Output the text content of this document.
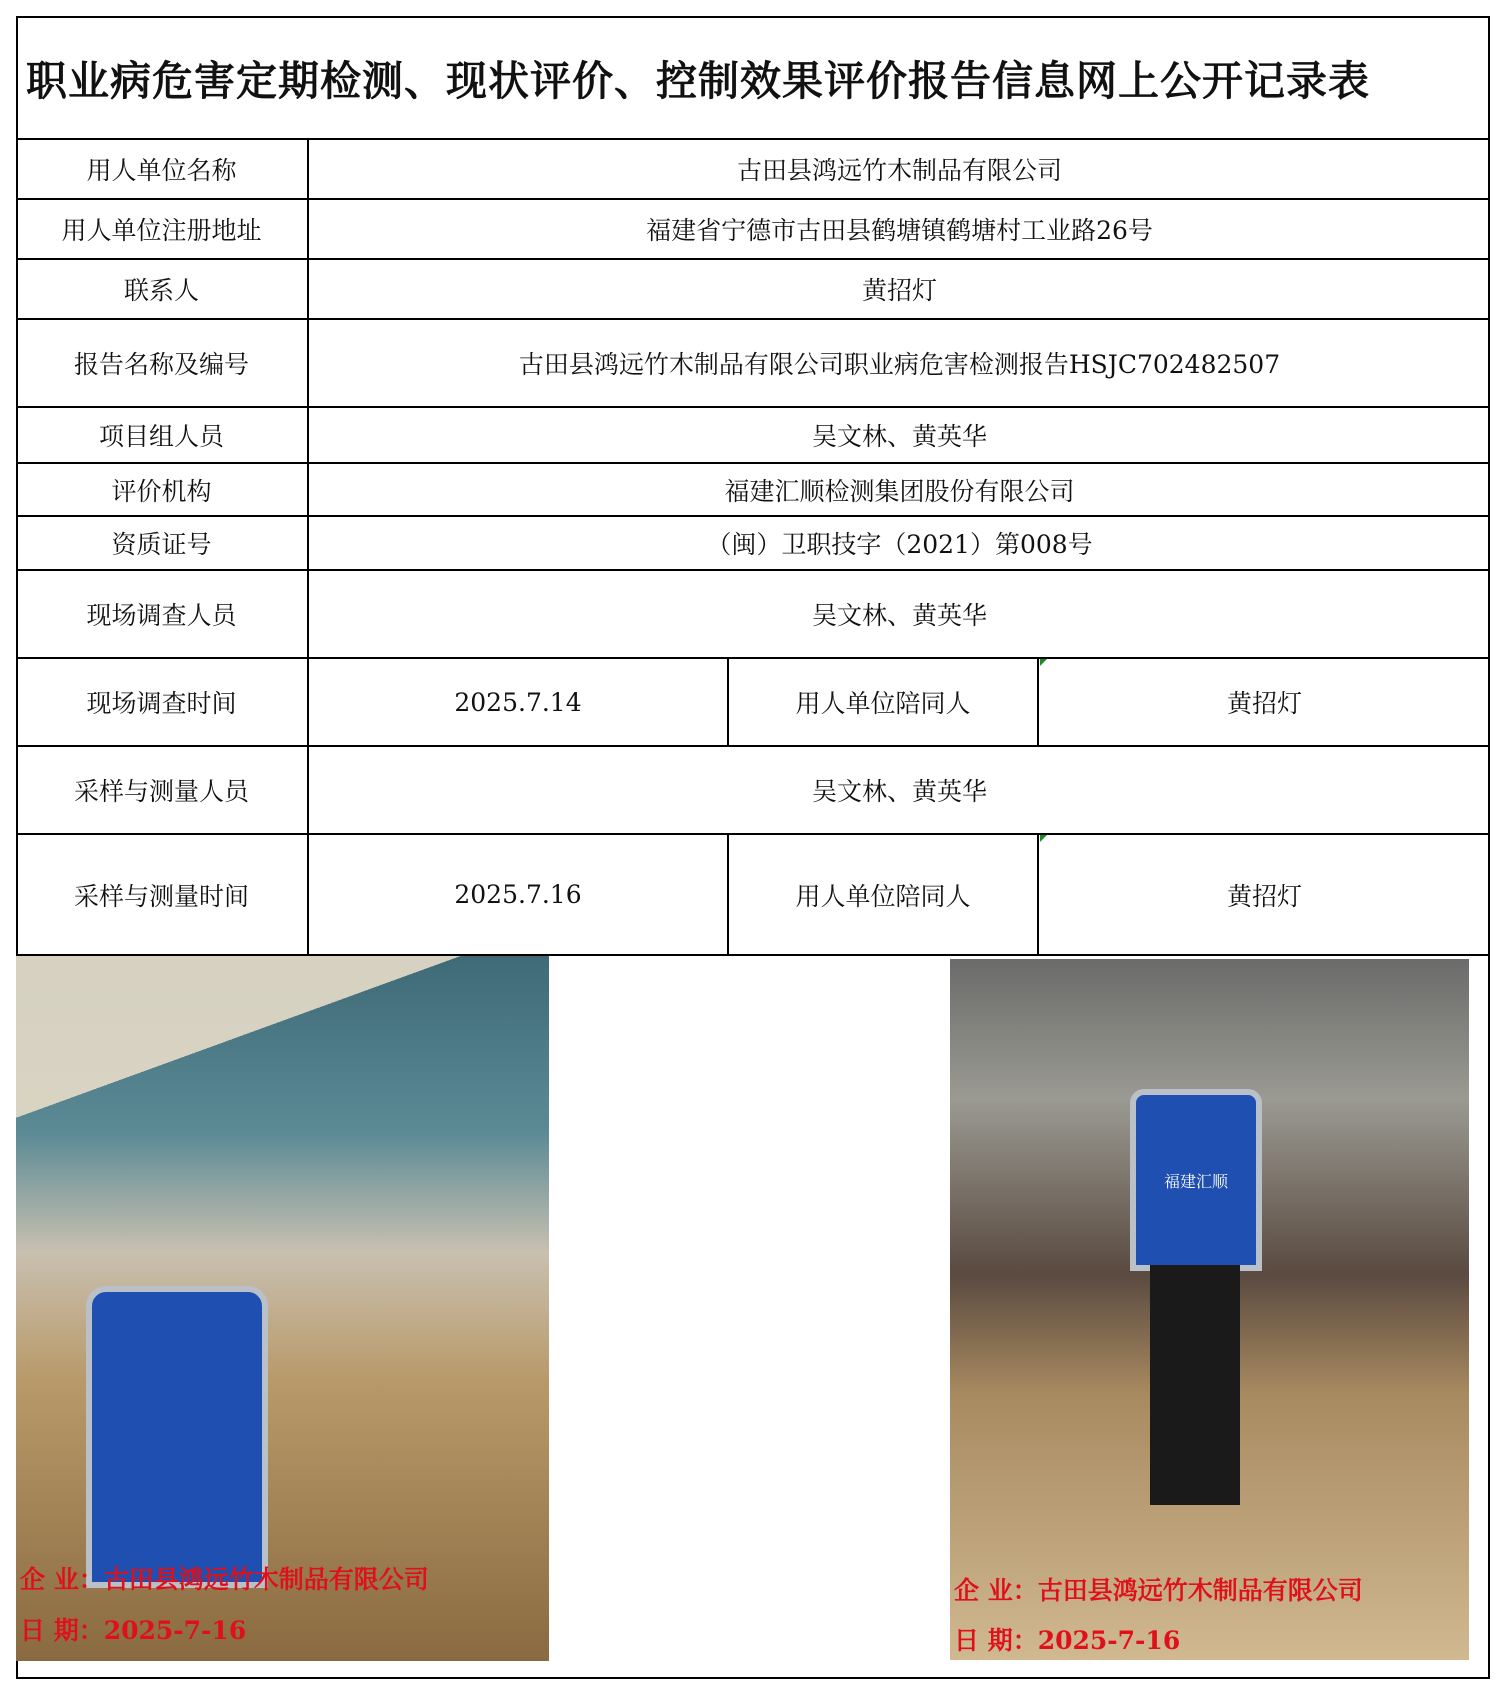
职业病危害定期检测、现状评价、控制效果评价报告信息网上公开记录表
用人单位名称	古田县鸿远竹木制品有限公司
用人单位注册地址	福建省宁德市古田县鹤塘镇鹤塘村工业路26号
联系人	黄招灯
报告名称及编号	古田县鸿远竹木制品有限公司职业病危害检测报告HSJC702482507
项目组人员	吴文林、黄英华
评价机构	福建汇顺检测集团股份有限公司
资质证号	（闽）卫职技字（2021）第008号
现场调查人员	吴文林、黄英华
现场调查时间	2025.7.14	用人单位陪同人	黄招灯
采样与测量人员	吴文林、黄英华
采样与测量时间	2025.7.16	用人单位陪同人	黄招灯
企 业：古田县鸿远竹木制品有限公司
日 期：2025-7-16
福建汇顺
企 业：古田县鸿远竹木制品有限公司
日 期：2025-7-16
